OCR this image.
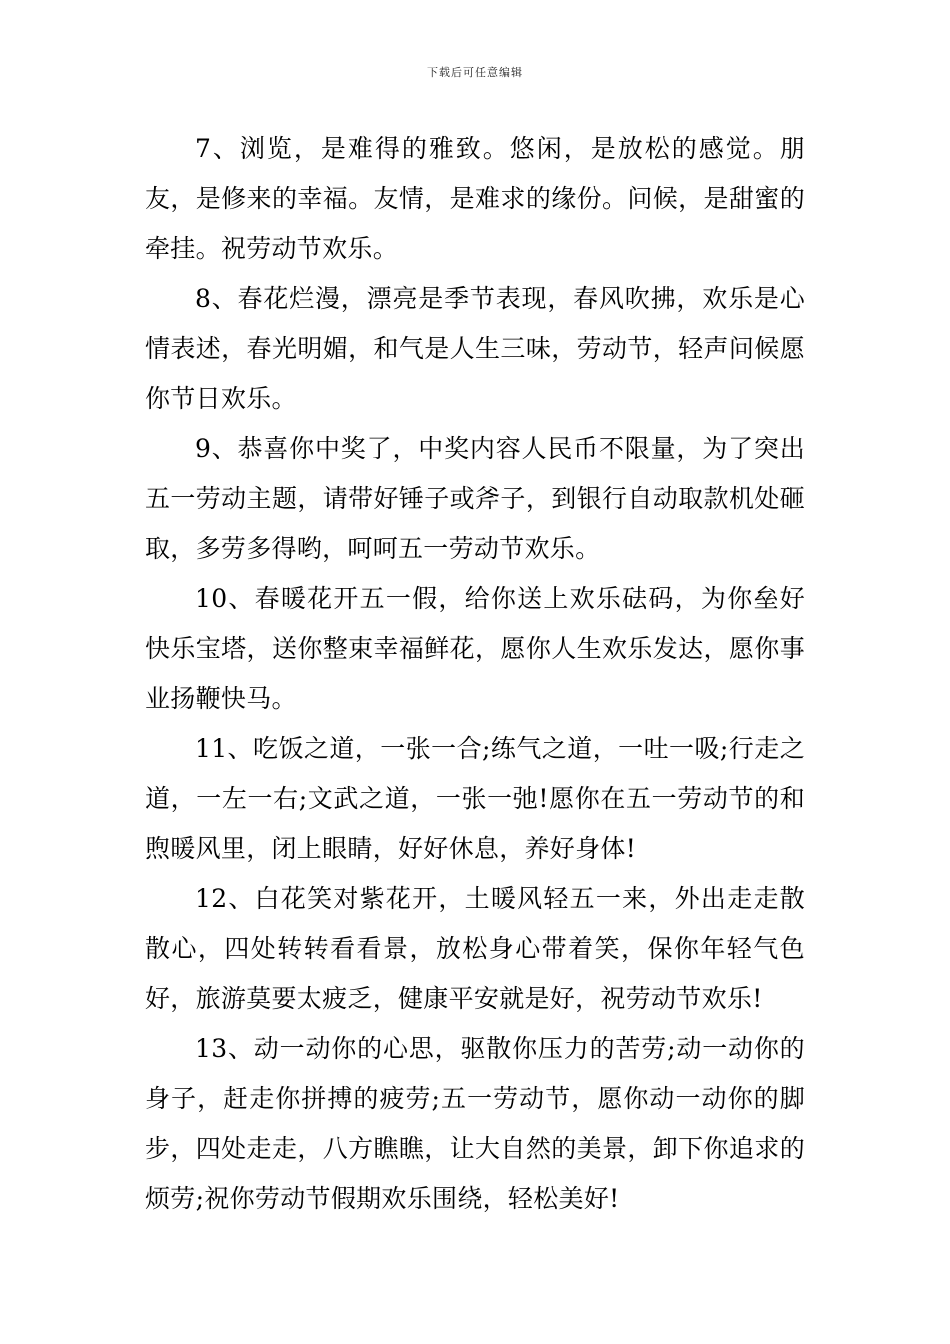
下载后可任意编辑

7、浏览，是难得的雅致。悠闲，是放松的感觉。朋友，是修来的幸福。友情，是难求的缘份。问候，是甜蜜的牵挂。祝劳动节欢乐。

8、春花烂漫，漂亮是季节表现，春风吹拂，欢乐是心情表述，春光明媚，和气是人生三味，劳动节，轻声问候愿你节日欢乐。

9、恭喜你中奖了，中奖内容人民币不限量，为了突出五一劳动主题，请带好锤子或斧子，到银行自动取款机处砸取，多劳多得哟，呵呵五一劳动节欢乐。

10、春暖花开五一假，给你送上欢乐砝码，为你垒好快乐宝塔，送你整束幸福鲜花，愿你人生欢乐发达，愿你事业扬鞭快马。

11、吃饭之道，一张一合;练气之道，一吐一吸;行走之道，一左一右;文武之道，一张一弛!愿你在五一劳动节的和煦暖风里，闭上眼睛，好好休息，养好身体!

12、白花笑对紫花开，土暖风轻五一来，外出走走散散心，四处转转看看景，放松身心带着笑，保你年轻气色好，旅游莫要太疲乏，健康平安就是好，祝劳动节欢乐!

13、动一动你的心思，驱散你压力的苦劳;动一动你的身子，赶走你拼搏的疲劳;五一劳动节，愿你动一动你的脚步，四处走走，八方瞧瞧，让大自然的美景，卸下你追求的烦劳;祝你劳动节假期欢乐围绕，轻松美好!
